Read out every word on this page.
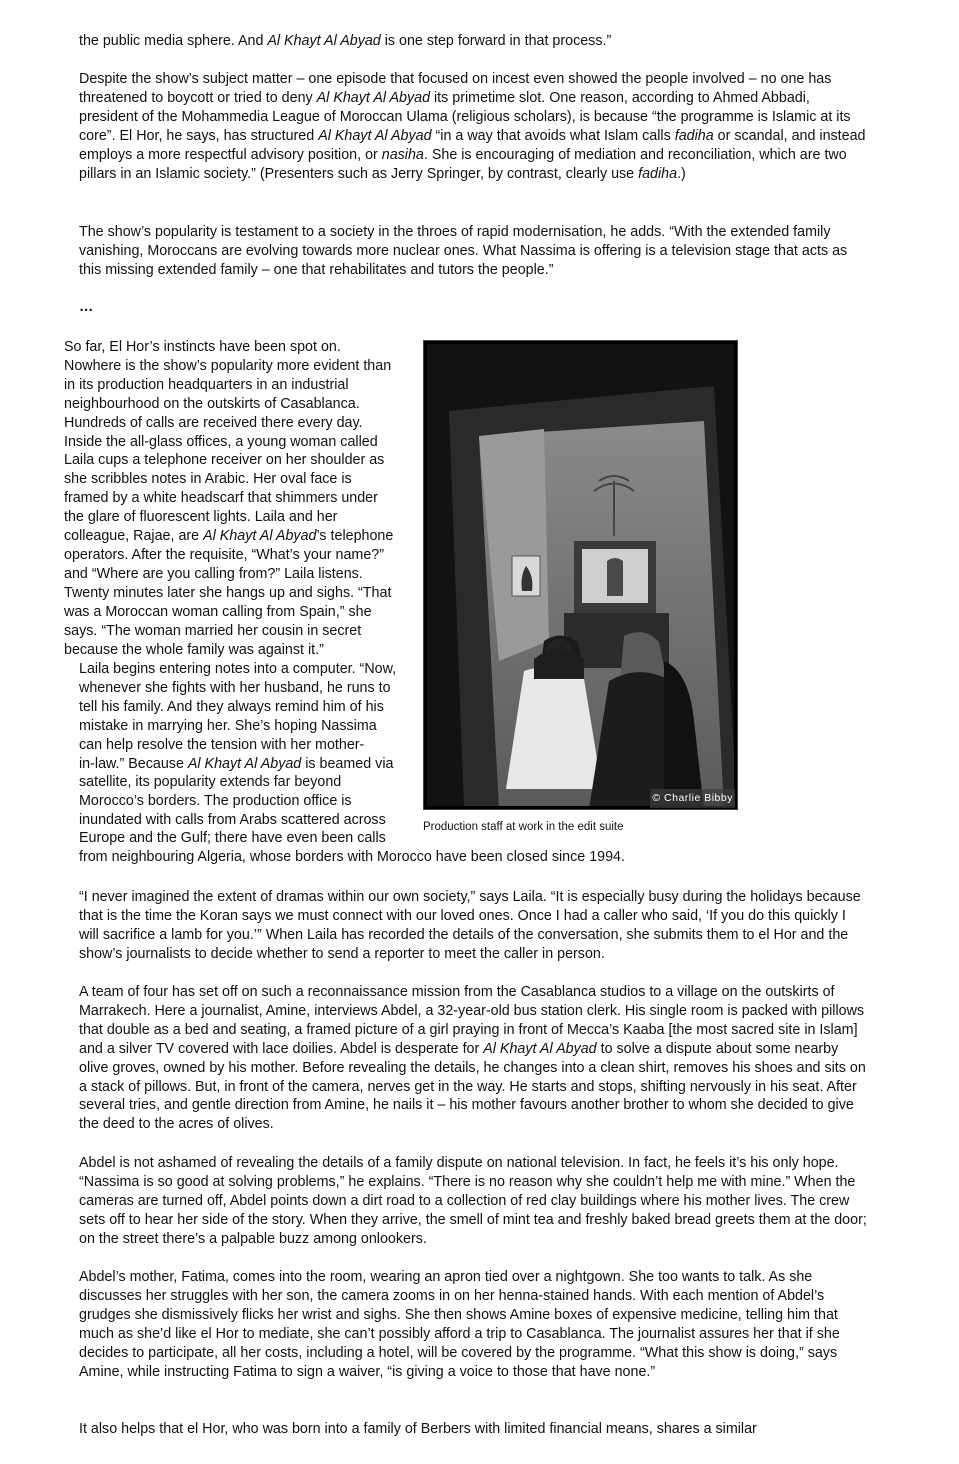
the public media sphere. And Al Khayt Al Abyad is one step forward in that process.”

Despite the show’s subject matter – one episode that focused on incest even showed the people involved – no one has threatened to boycott or tried to deny Al Khayt Al Abyad its primetime slot. One reason, according to Ahmed Abbadi, president of the Mohammedia League of Moroccan Ulama (religious scholars), is because “the programme is Islamic at its core”. El Hor, he says, has structured Al Khayt Al Abyad “in a way that avoids what Islam calls fadiha or scandal, and instead employs a more respectful advisory position, or nasiha. She is encouraging of mediation and reconciliation, which are two pillars in an Islamic society.” (Presenters such as Jerry Springer, by contrast, clearly use fadiha.)

The show’s popularity is testament to a society in the throes of rapid modernisation, he adds. “With the extended family vanishing, Moroccans are evolving towards more nuclear ones. What Nassima is offering is a television stage that acts as this missing extended family – one that rehabilitates and tutors the people.”

…

So far, El Hor’s instincts have been spot on.

Nowhere is the show’s popularity more evident than

in its production headquarters in an industrial

neighbourhood on the outskirts of Casablanca.

Hundreds of calls are received there every day.

Inside the all-glass offices, a young woman called

Laila cups a telephone receiver on her shoulder as

she scribbles notes in Arabic. Her oval face is

framed by a white headscarf that shimmers under

the glare of fluorescent lights. Laila and her

colleague, Rajae, are Al Khayt Al Abyad’s telephone

operators. After the requisite, “What’s your name?”

and “Where are you calling from?” Laila listens.

Twenty minutes later she hangs up and sighs. “That

was a Moroccan woman calling from Spain,” she

says. “The woman married her cousin in secret

because the whole family was against it.”

Laila begins entering notes into a computer. “Now,

whenever she fights with her husband, he runs to

tell his family. And they always remind him of his

mistake in marrying her. She’s hoping Nassima

can help resolve the tension with her mother-

in-law.” Because Al Khayt Al Abyad is beamed via

satellite, its popularity extends far beyond

Morocco’s borders. The production office is

inundated with calls from Arabs scattered across

Europe and the Gulf; there have even been calls

from neighbouring Algeria, whose borders with Morocco have been closed since 1994.

© Charlie Bibby
Production staff at work in the edit suite

“I never imagined the extent of dramas within our own society,” says Laila. “It is especially busy during the holidays because that is the time the Koran says we must connect with our loved ones. Once I had a caller who said, ‘If you do this quickly I will sacrifice a lamb for you.’” When Laila has recorded the details of the conversation, she submits them to el Hor and the show’s journalists to decide whether to send a reporter to meet the caller in person.

A team of four has set off on such a reconnaissance mission from the Casablanca studios to a village on the outskirts of Marrakech. Here a journalist, Amine, interviews Abdel, a 32-year-old bus station clerk. His single room is packed with pillows that double as a bed and seating, a framed picture of a girl praying in front of Mecca’s Kaaba [the most sacred site in Islam] and a silver TV covered with lace doilies. Abdel is desperate for Al Khayt Al Abyad to solve a dispute about some nearby olive groves, owned by his mother. Before revealing the details, he changes into a clean shirt, removes his shoes and sits on a stack of pillows. But, in front of the camera, nerves get in the way. He starts and stops, shifting nervously in his seat. After several tries, and gentle direction from Amine, he nails it – his mother favours another brother to whom she decided to give the deed to the acres of olives.

Abdel is not ashamed of revealing the details of a family dispute on national television. In fact, he feels it’s his only hope. “Nassima is so good at solving problems,” he explains. “There is no reason why she couldn’t help me with mine.” When the cameras are turned off, Abdel points down a dirt road to a collection of red clay buildings where his mother lives. The crew sets off to hear her side of the story. When they arrive, the smell of mint tea and freshly baked bread greets them at the door; on the street there’s a palpable buzz among onlookers.

Abdel’s mother, Fatima, comes into the room, wearing an apron tied over a nightgown. She too wants to talk. As she discusses her struggles with her son, the camera zooms in on her henna-stained hands. With each mention of Abdel’s grudges she dismissively flicks her wrist and sighs. She then shows Amine boxes of expensive medicine, telling him that much as she’d like el Hor to mediate, she can’t possibly afford a trip to Casablanca. The journalist assures her that if she decides to participate, all her costs, including a hotel, will be covered by the programme. “What this show is doing,” says Amine, while instructing Fatima to sign a waiver, “is giving a voice to those that have none.”

It also helps that el Hor, who was born into a family of Berbers with limited financial means, shares a similar
